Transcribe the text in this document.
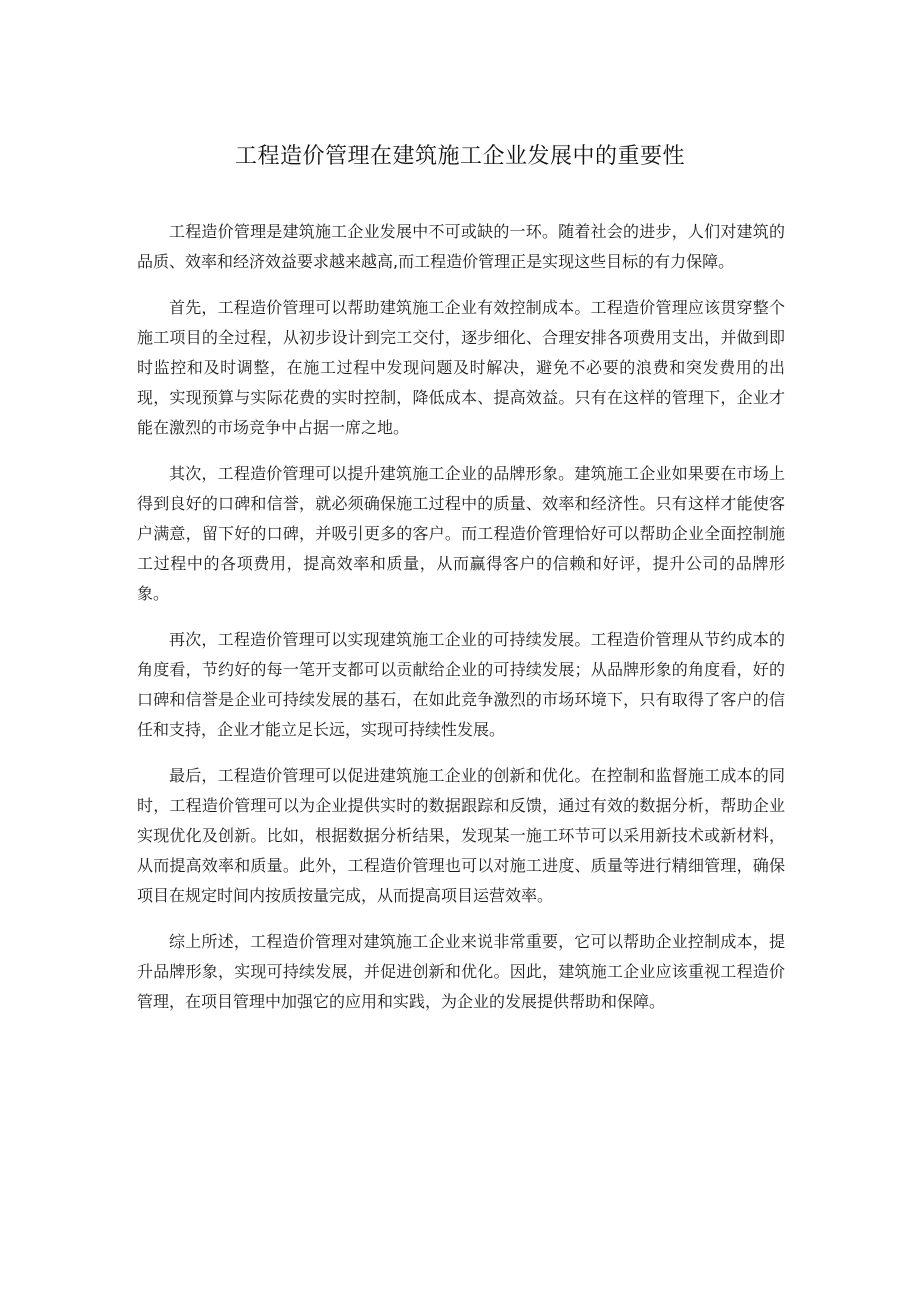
工程造价管理在建筑施工企业发展中的重要性

工程造价管理是建筑施工企业发展中不可或缺的一环。随着社会的进步，人们对建筑的品质、效率和经济效益要求越来越高,而工程造价管理正是实现这些目标的有力保障。

首先，工程造价管理可以帮助建筑施工企业有效控制成本。工程造价管理应该贯穿整个施工项目的全过程，从初步设计到完工交付，逐步细化、合理安排各项费用支出，并做到即时监控和及时调整，在施工过程中发现问题及时解决，避免不必要的浪费和突发费用的出现，实现预算与实际花费的实时控制，降低成本、提高效益。只有在这样的管理下，企业才能在激烈的市场竞争中占据一席之地。

其次，工程造价管理可以提升建筑施工企业的品牌形象。建筑施工企业如果要在市场上得到良好的口碑和信誉，就必须确保施工过程中的质量、效率和经济性。只有这样才能使客户满意，留下好的口碑，并吸引更多的客户。而工程造价管理恰好可以帮助企业全面控制施工过程中的各项费用，提高效率和质量，从而赢得客户的信赖和好评，提升公司的品牌形象。

再次，工程造价管理可以实现建筑施工企业的可持续发展。工程造价管理从节约成本的角度看，节约好的每一笔开支都可以贡献给企业的可持续发展；从品牌形象的角度看，好的口碑和信誉是企业可持续发展的基石，在如此竞争激烈的市场环境下，只有取得了客户的信任和支持，企业才能立足长远，实现可持续性发展。

最后，工程造价管理可以促进建筑施工企业的创新和优化。在控制和监督施工成本的同时，工程造价管理可以为企业提供实时的数据跟踪和反馈，通过有效的数据分析，帮助企业实现优化及创新。比如，根据数据分析结果，发现某一施工环节可以采用新技术或新材料，从而提高效率和质量。此外，工程造价管理也可以对施工进度、质量等进行精细管理，确保项目在规定时间内按质按量完成，从而提高项目运营效率。

综上所述，工程造价管理对建筑施工企业来说非常重要，它可以帮助企业控制成本，提升品牌形象，实现可持续发展，并促进创新和优化。因此，建筑施工企业应该重视工程造价管理，在项目管理中加强它的应用和实践，为企业的发展提供帮助和保障。
